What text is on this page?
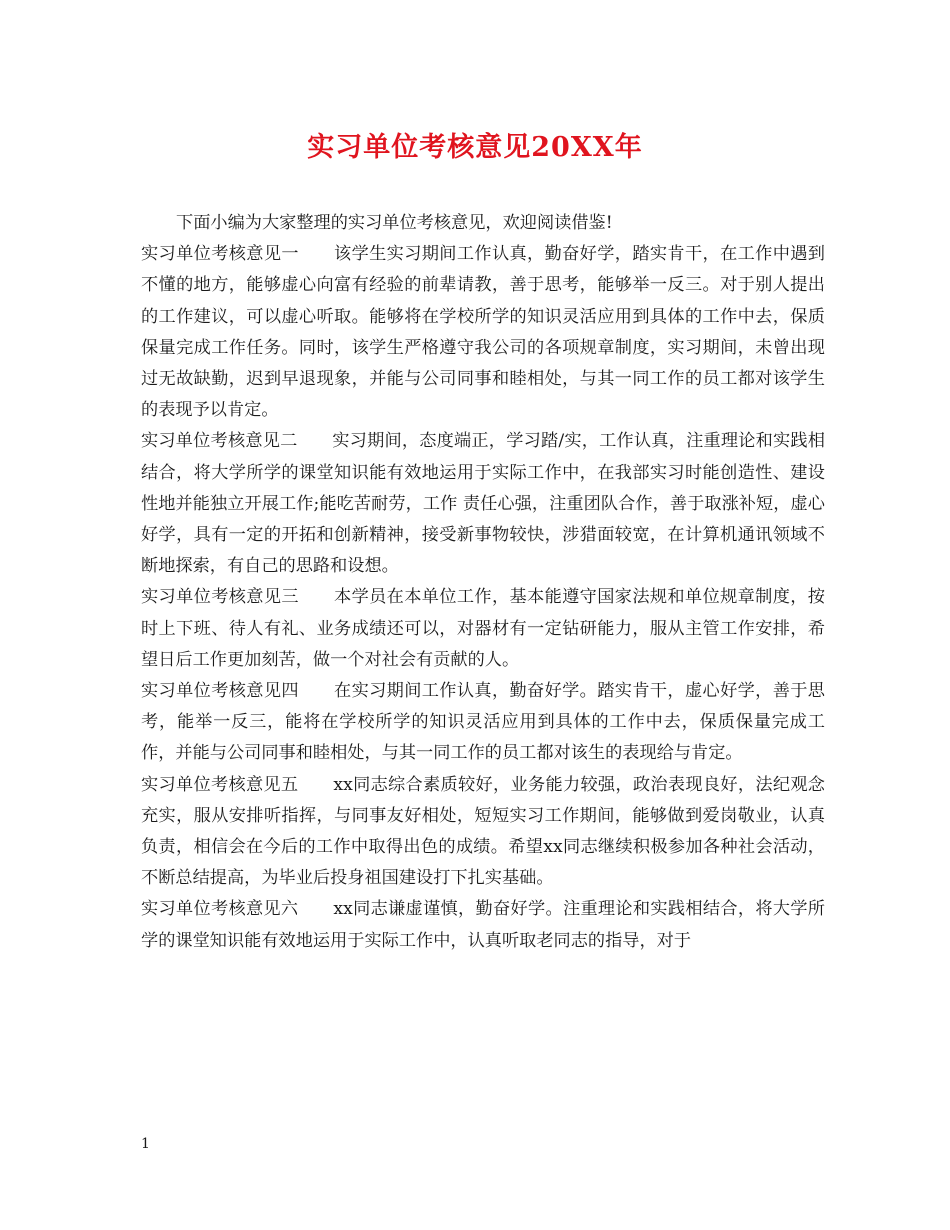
实习单位考核意见20XX年

下面小编为大家整理的实习单位考核意见，欢迎阅读借鉴!

实习单位考核意见一　　该学生实习期间工作认真，勤奋好学，踏实肯干，在工作中遇到不懂的地方，能够虚心向富有经验的前辈请教，善于思考，能够举一反三。对于别人提出的工作建议，可以虚心听取。能够将在学校所学的知识灵活应用到具体的工作中去，保质保量完成工作任务。同时，该学生严格遵守我公司的各项规章制度，实习期间，未曾出现过无故缺勤，迟到早退现象，并能与公司同事和睦相处，与其一同工作的员工都对该学生的表现予以肯定。

实习单位考核意见二　　实习期间，态度端正，学习踏/实，工作认真，注重理论和实践相结合，将大学所学的课堂知识能有效地运用于实际工作中，在我部实习时能创造性、建设性地并能独立开展工作;能吃苦耐劳，工作 责任心强，注重团队合作，善于取涨补短，虚心好学，具有一定的开拓和创新精神，接受新事物较快，涉猎面较宽，在计算机通讯领域不断地探索，有自己的思路和设想。

实习单位考核意见三　　本学员在本单位工作，基本能遵守国家法规和单位规章制度，按时上下班、待人有礼、业务成绩还可以，对器材有一定钻研能力，服从主管工作安排，希望日后工作更加刻苦，做一个对社会有贡献的人。

实习单位考核意见四　　在实习期间工作认真，勤奋好学。踏实肯干，虚心好学，善于思考，能举一反三，能将在学校所学的知识灵活应用到具体的工作中去，保质保量完成工作，并能与公司同事和睦相处，与其一同工作的员工都对该生的表现给与肯定。

实习单位考核意见五　　xx同志综合素质较好，业务能力较强，政治表现良好，法纪观念充实，服从安排听指挥，与同事友好相处，短短实习工作期间，能够做到爱岗敬业，认真负责，相信会在今后的工作中取得出色的成绩。希望xx同志继续积极参加各种社会活动，不断总结提高，为毕业后投身祖国建设打下扎实基础。

实习单位考核意见六　　xx同志谦虚谨慎，勤奋好学。注重理论和实践相结合，将大学所学的课堂知识能有效地运用于实际工作中，认真听取老同志的指导，对于

1
